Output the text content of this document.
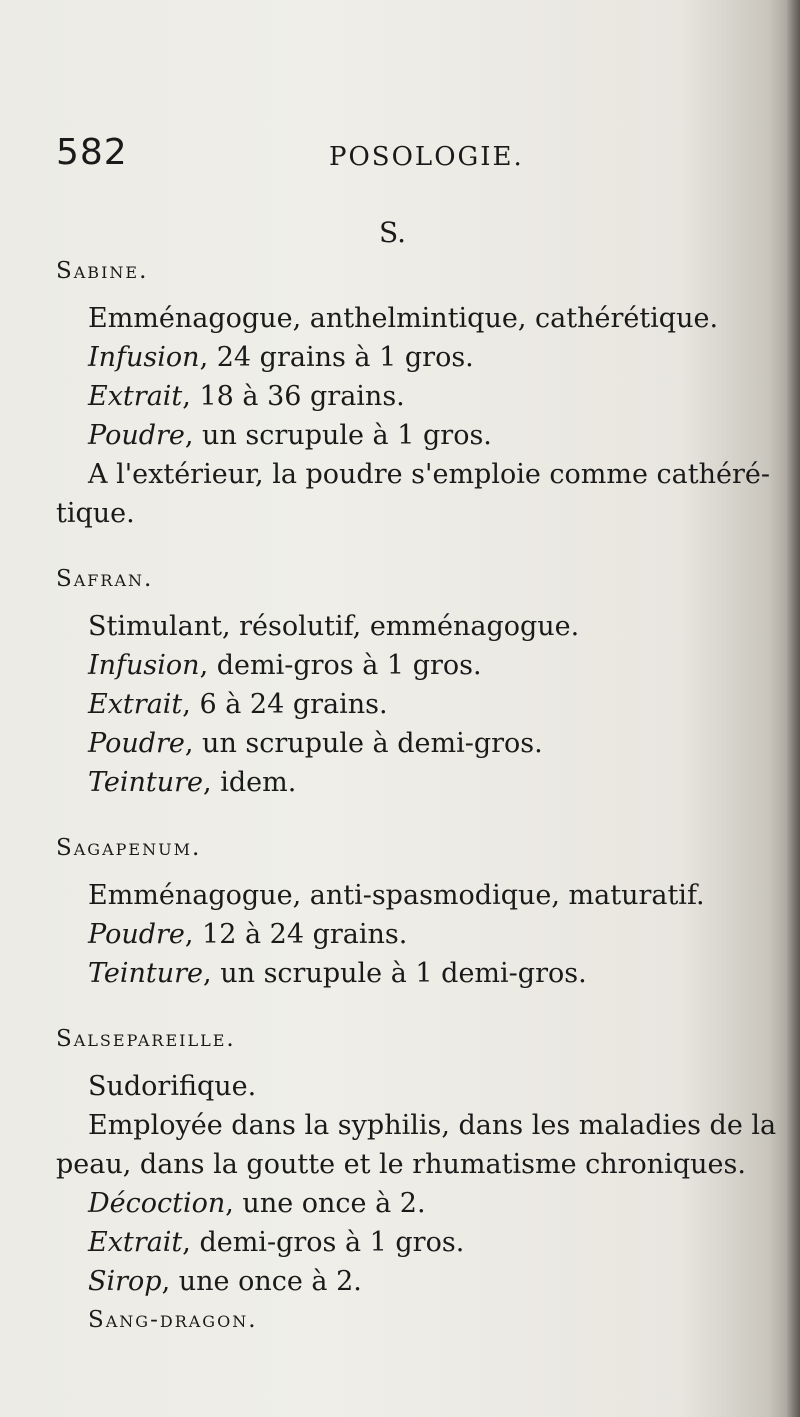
582	POSOLOGIE.
S.
Sabine.
Emménagogue, anthelmintique, cathérétique.
Infusion, 24 grains à 1 gros.
Extrait, 18 à 36 grains.
Poudre, un scrupule à 1 gros.
A l'extérieur, la poudre s'emploie comme cathéré-
tique.
Safran.
Stimulant, résolutif, emménagogue.
Infusion, demi-gros à 1 gros.
Extrait, 6 à 24 grains.
Poudre, un scrupule à demi-gros.
Teinture, idem.
Sagapenum.
Emménagogue, anti-spasmodique, maturatif.
Poudre, 12 à 24 grains.
Teinture, un scrupule à 1 demi-gros.
Salsepareille.
Sudorifique.
Employée dans la syphilis, dans les maladies de la
peau, dans la goutte et le rhumatisme chroniques.
Décoction, une once à 2.
Extrait, demi-gros à 1 gros.
Sirop, une once à 2.
Sang-dragon.
